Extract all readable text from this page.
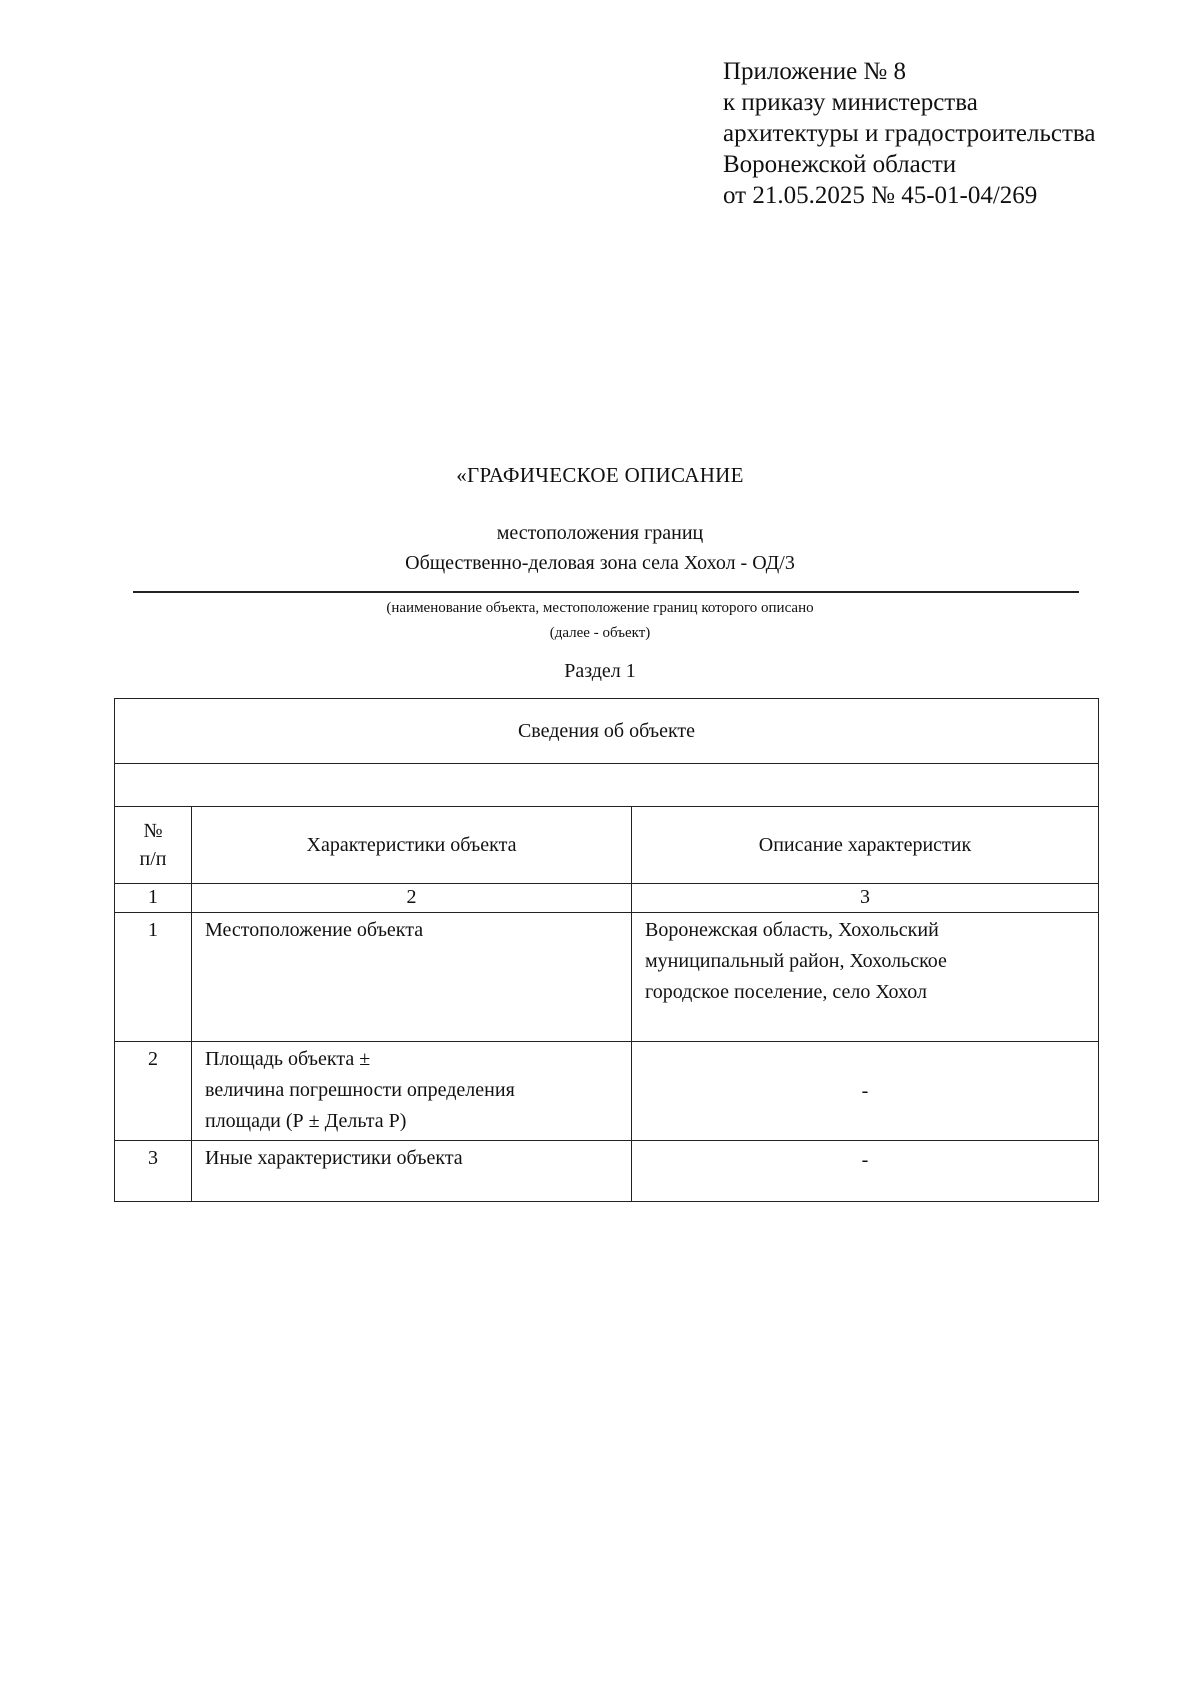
Приложение № 8
к приказу министерства
архитектуры и градостроительства
Воронежской области
от 21.05.2025 № 45-01-04/269
«ГРАФИЧЕСКОЕ ОПИСАНИЕ
местоположения границ
Общественно-деловая зона села Хохол - ОД/3
(наименование объекта, местоположение границ которого описано
(далее - объект)
Раздел 1
Сведения об объекте		

№
п/п	Характеристики объекта	Описание характеристик
1	2	3
1	Местоположение объекта	Воронежская область, Хохольский
муниципальный район, Хохольское
городское поселение, село Хохол

2	Площадь объекта ±
величина погрешности определения
площади (Р ± Дельта Р)	-
3	Иные характеристики объекта	-
